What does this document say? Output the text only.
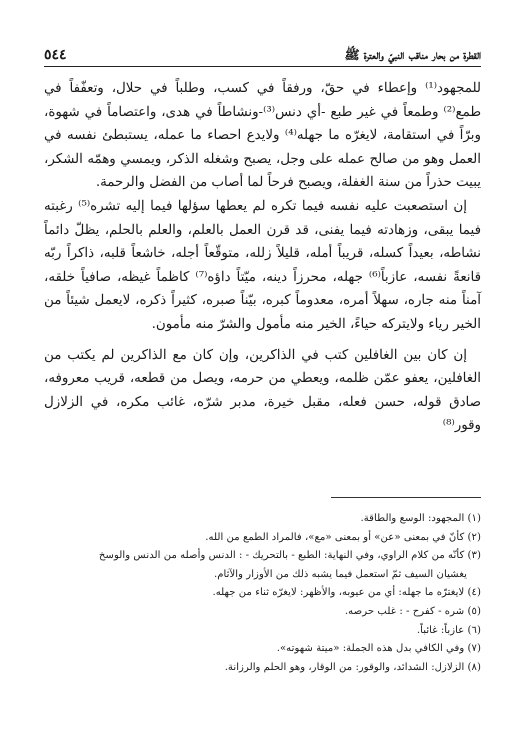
القطرة من بحار مناقب النبيّ والعترة ﷺ
٥٤٤

للمجهود⁽¹⁾ وإعطاء في حقّ، ورفقاً في كسب، وطلباً في حلال، وتعفّفاً في طمع⁽²⁾ وطمعاً في غير طبع -أي دنس⁽³⁾-ونشاطاً في هدى، واعتصاماً في شهوة، وبرّاً في استقامة، لايغرّه ما جهله⁽⁴⁾ ولايدع احصاء ما عمله، يستبطئ نفسه في العمل وهو من صالح عمله على وجل، يصبح وشغله الذكر، ويمسي وهمّه الشكر، يبيت حذراً من سنة الغفلة، ويصبح فرحاً لما أصاب من الفضل والرحمة.

إن استصعبت عليه نفسه فيما تكره لم يعطها سؤلها فيما إليه تشره⁽⁵⁾ رغبته فيما يبقى، وزهادته فيما يفنى، قد قرن العمل بالعلم، والعلم بالحلم، يظلّ دائماً نشاطه، بعيداً كسله، قريباً أمله، قليلاً زلله، متوقّعاً أجله، خاشعاً قلبه، ذاكراً ربّه قانعةً نفسه، عازباً⁽⁶⁾ جهله، محرزاً دينه، ميّتاً داؤه⁽⁷⁾ كاظماً غيظه، صافياً خلقه، آمناً منه جاره، سهلاً أمره، معدوماً كبره، بيّناً صبره، كثيراً ذكره، لايعمل شيئاً من الخير رياء ولايتركه حياءً، الخير منه مأمول والشرّ منه مأمون.

إن كان بين الغافلين كتب في الذاكرين، وإن كان مع الذاكرين لم يكتب من الغافلين، يعفو عمّن ظلمه، ويعطي من حرمه، ويصل من قطعه، قريب معروفه، صادق قوله، حسن فعله، مقبل خيرة، مدبر شرّه، غائب مكره، في الزلازل وقور⁽⁸⁾

(١) المجهود: الوسع والطاقة.

(٢) كأنّ في بمعنى «عن» أو بمعنى «مع»، فالمراد الطمع من الله.

(٣) كأنّه من كلام الراوي، وفي النهاية: الطبع - بالتحريك - : الدنس وأصله من الدنس والوسخ

يغشيان السيف ثمّ استعمل فيما يشبه ذلك من الأوزار والآثام.

(٤) لايغترّه ما جهله: أي من عيوبه، والأظهر: لايغرّه ثناء من جهله.

(٥) شره - كفرح - : غلب حرصه.

(٦) عازباً: غائباً.

(٧) وفي الكافي بدل هذه الجملة: «ميتة شهوته».

(٨) الزلازل: الشدائد، والوقور: من الوقار، وهو الحلم والرزانة.
